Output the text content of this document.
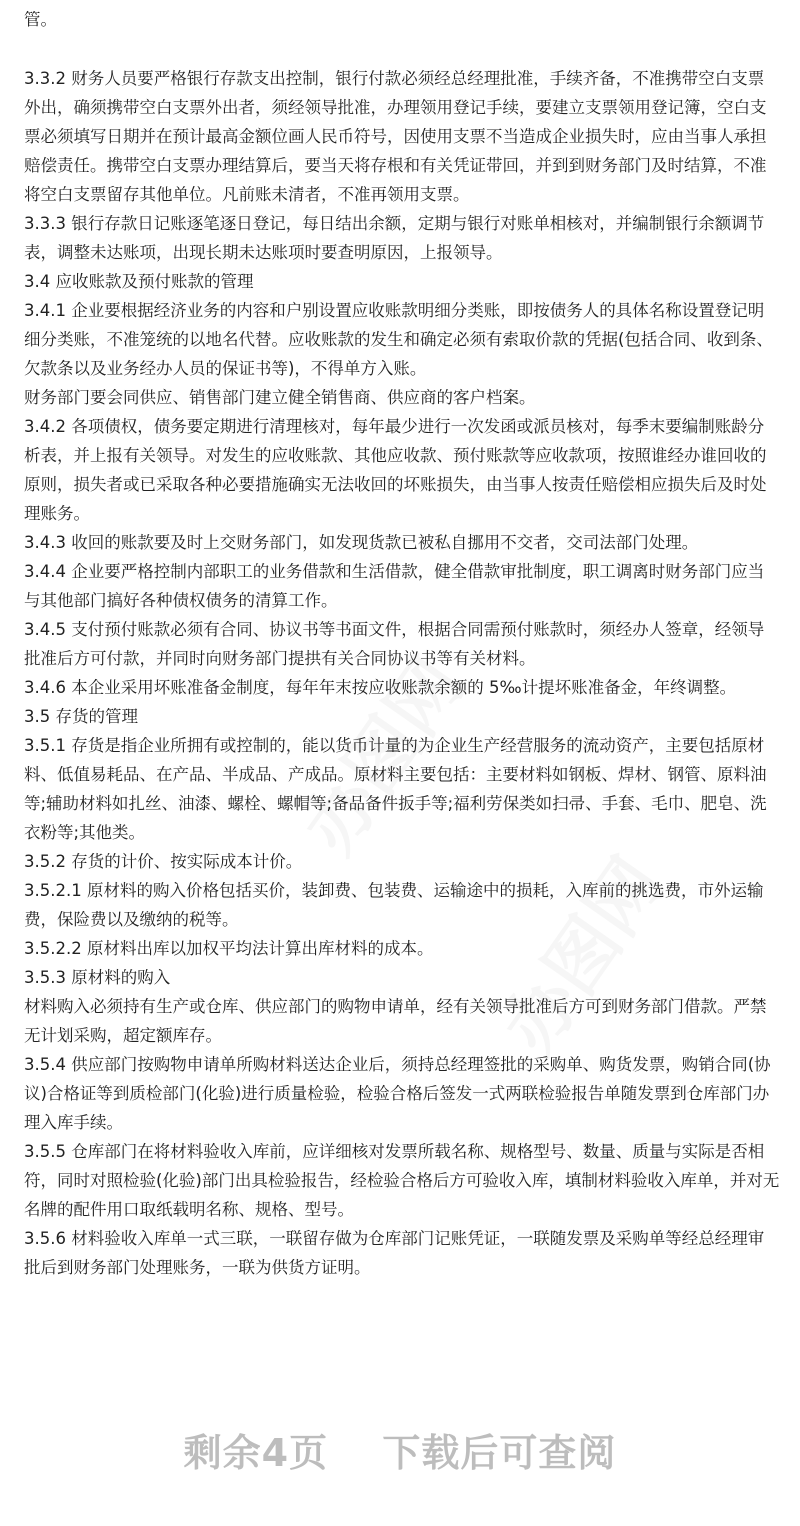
管。

3.3.2 财务人员要严格银行存款支出控制，银行付款必须经总经理批准，手续齐备，不准携带空白支票外出，确须携带空白支票外出者，须经领导批准，办理领用登记手续，要建立支票领用登记簿，空白支票必须填写日期并在预计最高金额位画人民币符号，因使用支票不当造成企业损失时，应由当事人承担赔偿责任。携带空白支票办理结算后，要当天将存根和有关凭证带回，并到到财务部门及时结算，不准将空白支票留存其他单位。凡前账未清者，不准再领用支票。

3.3.3 银行存款日记账逐笔逐日登记，每日结出余额，定期与银行对账单相核对，并编制银行余额调节表，调整未达账项，出现长期未达账项时要查明原因，上报领导。

3.4 应收账款及预付账款的管理

3.4.1 企业要根据经济业务的内容和户别设置应收账款明细分类账，即按债务人的具体名称设置登记明细分类账，不准笼统的以地名代替。应收账款的发生和确定必须有索取价款的凭据(包括合同、收到条、欠款条以及业务经办人员的保证书等)，不得单方入账。

财务部门要会同供应、销售部门建立健全销售商、供应商的客户档案。

3.4.2 各项债权，债务要定期进行清理核对，每年最少进行一次发函或派员核对，每季末要编制账龄分析表，并上报有关领导。对发生的应收账款、其他应收款、预付账款等应收款项，按照谁经办谁回收的原则，损失者或已采取各种必要措施确实无法收回的坏账损失，由当事人按责任赔偿相应损失后及时处理账务。

3.4.3 收回的账款要及时上交财务部门，如发现货款已被私自挪用不交者，交司法部门处理。

3.4.4 企业要严格控制内部职工的业务借款和生活借款，健全借款审批制度，职工调离时财务部门应当与其他部门搞好各种债权债务的清算工作。

3.4.5 支付预付账款必须有合同、协议书等书面文件，根据合同需预付账款时，须经办人签章，经领导批准后方可付款，并同时向财务部门提拱有关合同协议书等有关材料。

3.4.6 本企业采用坏账准备金制度，每年年末按应收账款余额的 5‰计提坏账准备金，年终调整。

3.5 存货的管理

3.5.1 存货是指企业所拥有或控制的，能以货币计量的为企业生产经营服务的流动资产，主要包括原材料、低值易耗品、在产品、半成品、产成品。原材料主要包括：主要材料如钢板、焊材、钢管、原料油等;辅助材料如扎丝、油漆、螺栓、螺帽等;备品备件扳手等;福利劳保类如扫帚、手套、毛巾、肥皂、洗衣粉等;其他类。

3.5.2 存货的计价、按实际成本计价。

3.5.2.1 原材料的购入价格包括买价，装卸费、包装费、运输途中的损耗，入库前的挑选费，市外运输费，保险费以及缴纳的税等。

3.5.2.2 原材料出库以加权平均法计算出库材料的成本。

3.5.3 原材料的购入

材料购入必须持有生产或仓库、供应部门的购物申请单，经有关领导批准后方可到财务部门借款。严禁无计划采购，超定额库存。

3.5.4 供应部门按购物申请单所购材料送达企业后，须持总经理签批的采购单、购货发票，购销合同(协议)合格证等到质检部门(化验)进行质量检验，检验合格后签发一式两联检验报告单随发票到仓库部门办理入库手续。

3.5.5 仓库部门在将材料验收入库前，应详细核对发票所载名称、规格型号、数量、质量与实际是否相符，同时对照检验(化验)部门出具检验报告，经检验合格后方可验收入库，填制材料验收入库单，并对无名牌的配件用口取纸载明名称、规格、型号。

3.5.6 材料验收入库单一式三联，一联留存做为仓库部门记账凭证，一联随发票及采购单等经总经理审批后到财务部门处理账务，一联为供货方证明。

剩余4页 下载后可查阅
